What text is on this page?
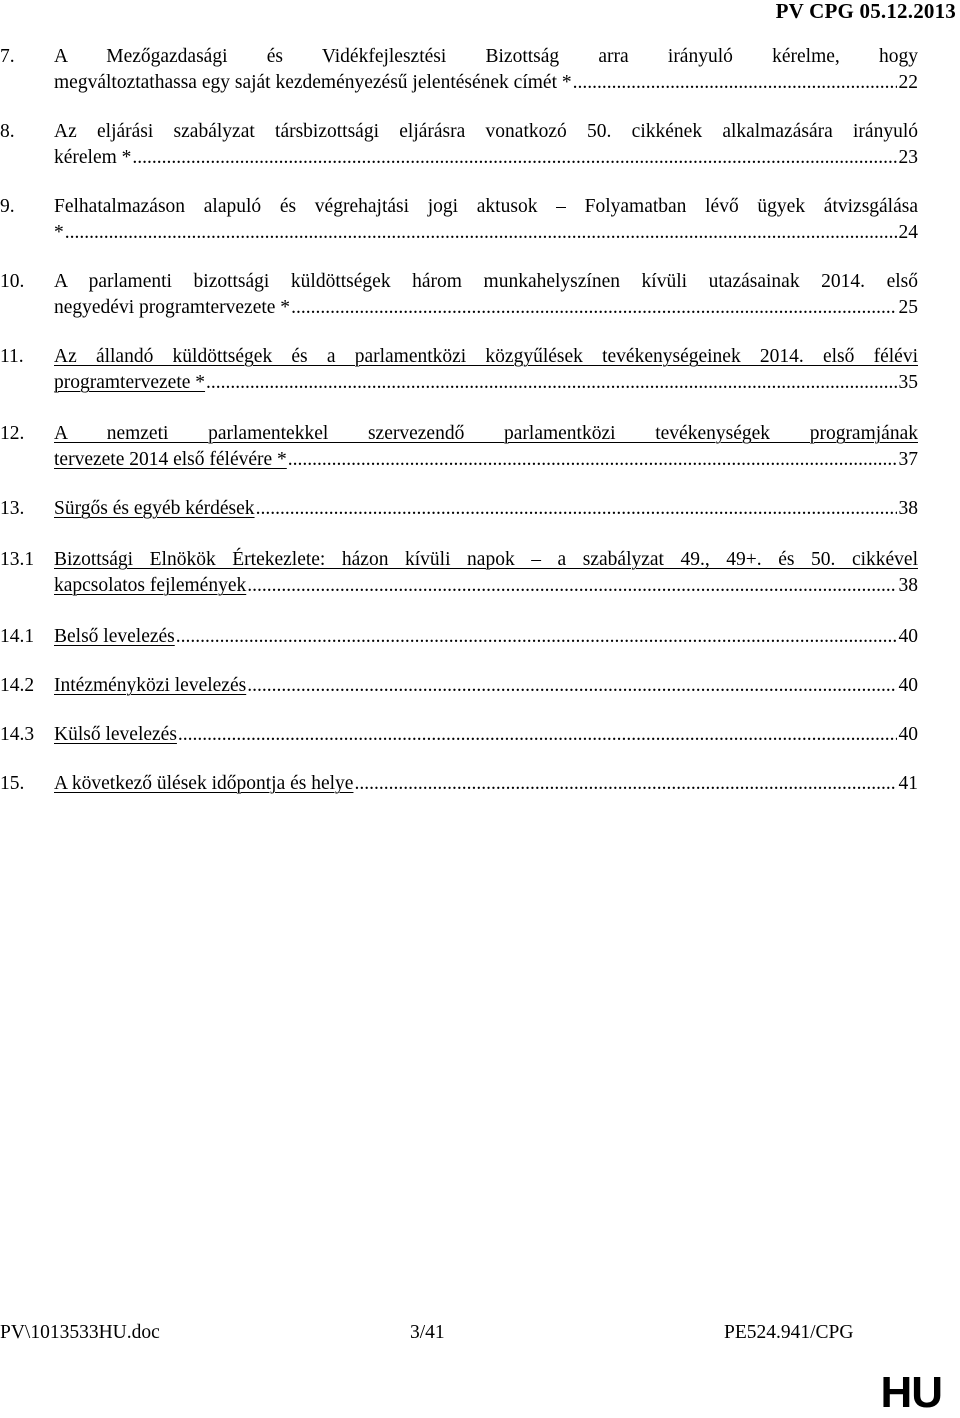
PV CPG 05.12.2013
7. A Mezőgazdasági és Vidékfejlesztési Bizottság arra irányuló kérelme, hogy
megváltoztathassa egy saját kezdeményezésű jelentésének címét * .....	22
8. Az eljárási szabályzat társbizottsági eljárásra vonatkozó 50. cikkének alkalmazására irányuló
kérelem * .....	23
9. Felhatalmazáson alapuló és végrehajtási jogi aktusok – Folyamatban lévő ügyek átvizsgálása
* .....	24
10. A parlamenti bizottsági küldöttségek három munkahelyszínen kívüli utazásainak 2014. első
negyedévi programtervezete * .....	25
11. Az állandó küldöttségek és a parlamentközi közgyűlések tevékenységeinek 2014. első félévi
programtervezete * .....	35
12. A nemzeti parlamentekkel szervezendő parlamentközi tevékenységek programjának
tervezete 2014 első félévére * .....	37
13. Sürgős és egyéb kérdések .....	38
13.1 Bizottsági Elnökök Értekezlete: házon kívüli napok – a szabályzat 49., 49+. és 50. cikkével
kapcsolatos fejlemények .....	38
14.1 Belső levelezés .....	40
14.2 Intézményközi levelezés .....	40
14.3 Külső levelezés .....	40
15. A következő ülések időpontja és helye .....	41
PV\1013533HU.doc	3/41	PE524.941/CPG
HU
